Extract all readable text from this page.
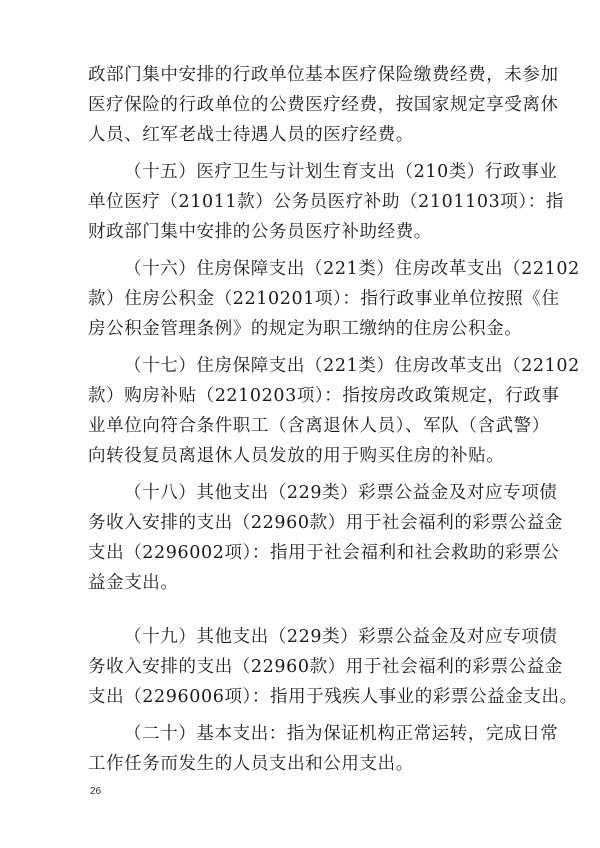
政部门集中安排的行政单位基本医疗保险缴费经费，未参加
医疗保险的行政单位的公费医疗经费，按国家规定享受离休
人员、红军老战士待遇人员的医疗经费。
（十五）医疗卫生与计划生育支出（210类）行政事业
单位医疗（21011款）公务员医疗补助（2101103项）：指
财政部门集中安排的公务员医疗补助经费。
（十六）住房保障支出（221类）住房改革支出（22102
款）住房公积金（2210201项）：指行政事业单位按照《住
房公积金管理条例》的规定为职工缴纳的住房公积金。
（十七）住房保障支出（221类）住房改革支出（22102
款）购房补贴（2210203项）：指按房改政策规定，行政事
业单位向符合条件职工（含离退休人员）、军队（含武警）
向转役复员离退休人员发放的用于购买住房的补贴。
（十八）其他支出（229类）彩票公益金及对应专项债
务收入安排的支出（22960款）用于社会福利的彩票公益金
支出（2296002项）：指用于社会福利和社会救助的彩票公
益金支出。
（十九）其他支出（229类）彩票公益金及对应专项债
务收入安排的支出（22960款）用于社会福利的彩票公益金
支出（2296006项）：指用于残疾人事业的彩票公益金支出。
（二十）基本支出：指为保证机构正常运转，完成日常
工作任务而发生的人员支出和公用支出。
26
